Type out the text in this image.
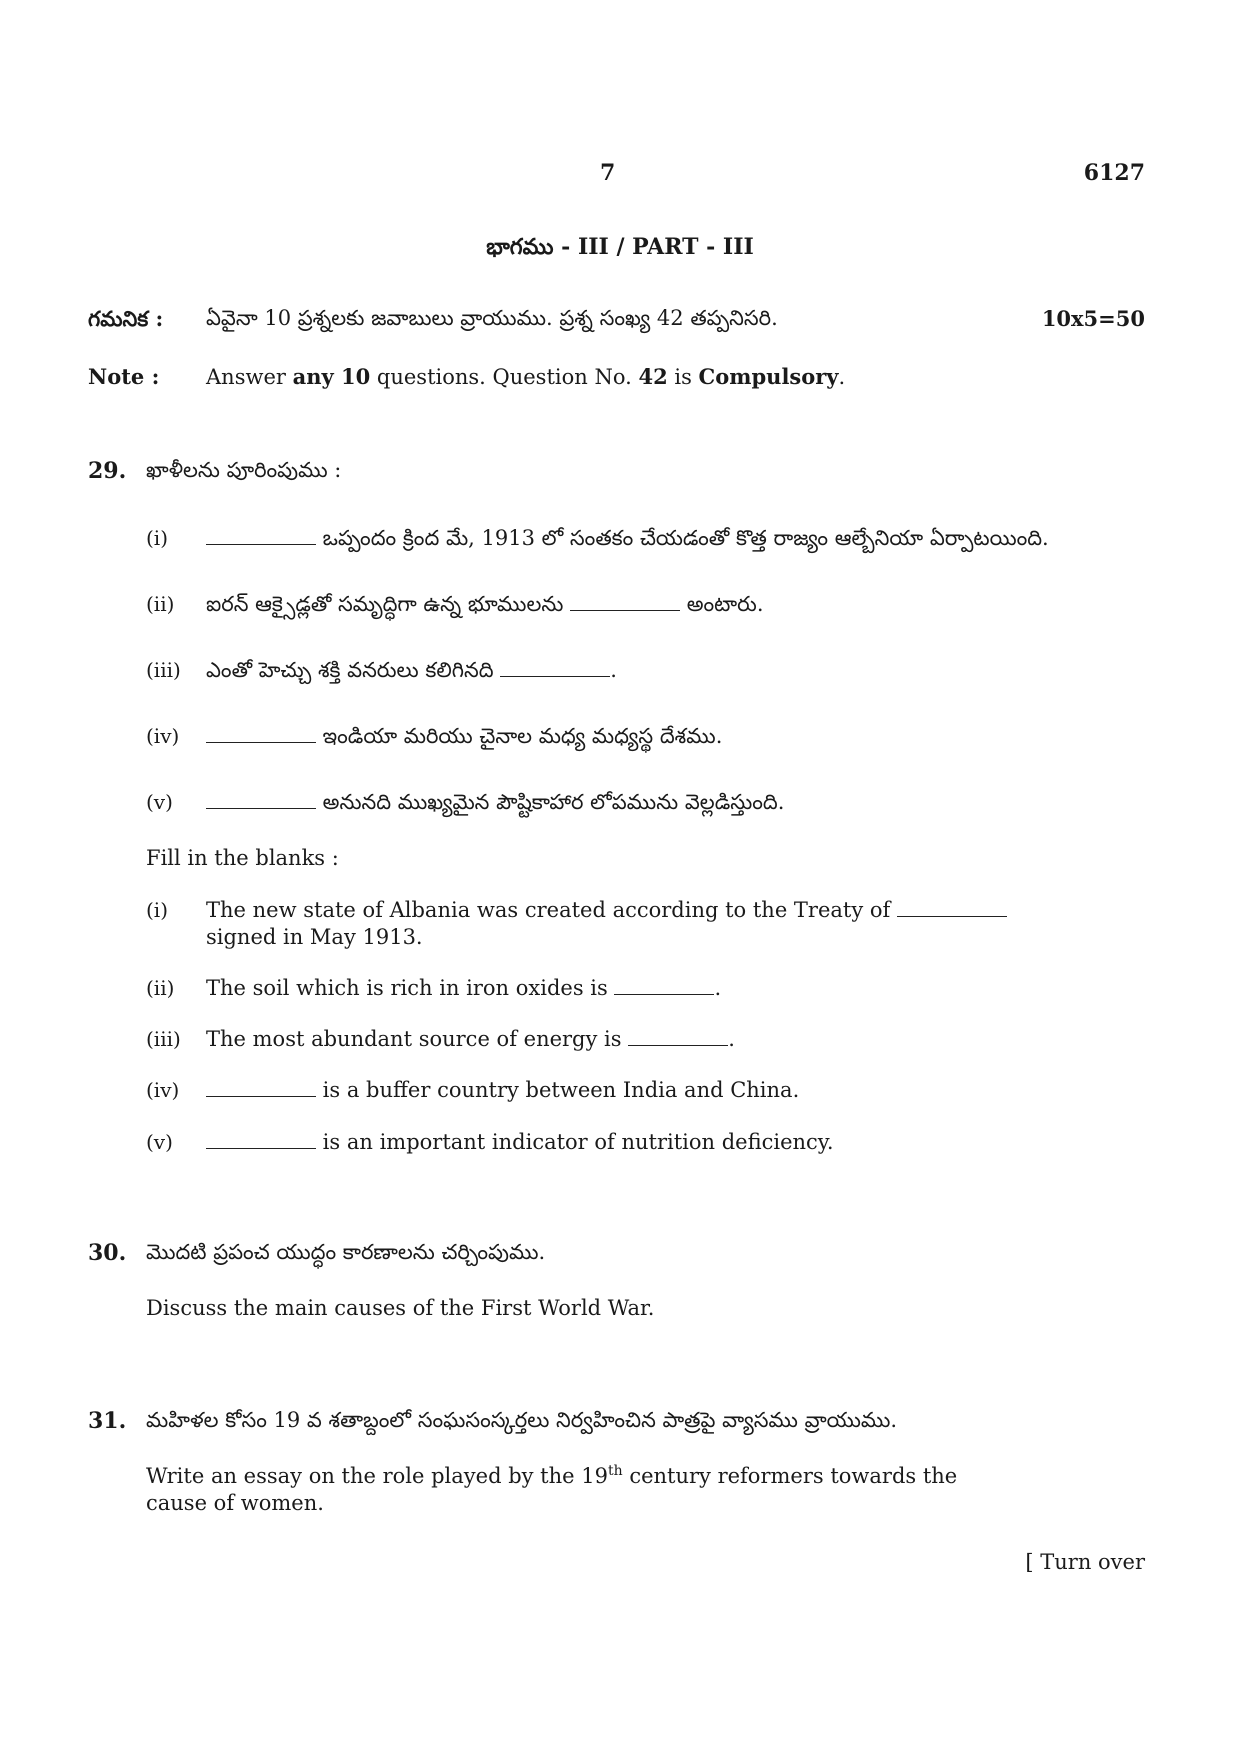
7	6127
భాగము - III / PART - III
గమనిక : ఏవైనా 10 ప్రశ్నలకు జవాబులు వ్రాయుము. ప్రశ్న సంఖ్య 42 తప్పనిసరి.	10x5=50
Note : Answer any 10 questions. Question No. 42 is Compulsory.
29. ఖాళీలను పూరింపుము :
(i)	ఒప్పందం క్రింద మే, 1913 లో సంతకం చేయడంతో కొత్త రాజ్యం ఆల్బేనియా ఏర్పాటయింది.
(ii) ఐరన్ ఆక్సైడ్లతో సమృద్ధిగా ఉన్న భూములను	అంటారు.
(iii) ఎంతో హెచ్చు శక్తి వనరులు కలిగినది	.
(iv)	ఇండియా మరియు చైనాల మధ్య మధ్యస్థ దేశము.
(v)	అనునది ముఖ్యమైన పౌష్టికాహార లోపమును వెల్లడిస్తుంది.
Fill in the blanks :
(i) The new state of Albania was created according to the Treaty of
signed in May 1913.
(ii) The soil which is rich in iron oxides is	.
(iii) The most abundant source of energy is	.
(iv)	is a buffer country between India and China.
(v)	is an important indicator of nutrition deficiency.
30. మొదటి ప్రపంచ యుద్ధం కారణాలను చర్చింపుము.
Discuss the main causes of the First World War.
31. మహిళల కోసం 19 వ శతాబ్దంలో సంఘసంస్కర్తలు నిర్వహించిన పాత్రపై వ్యాసము వ్రాయుము.
Write an essay on the role played by the 19th century reformers towards the
cause of women.
[ Turn over
